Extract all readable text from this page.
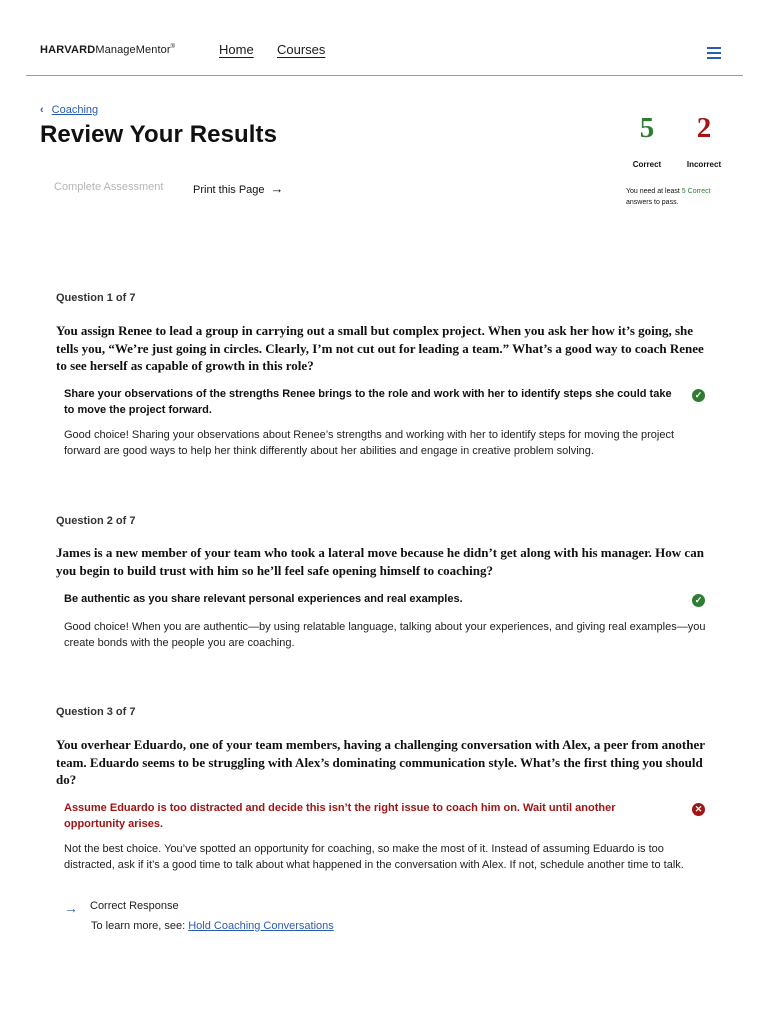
HARVARDManageMentor®	Home Courses
‹ Coaching
Review Your Results
Complete Assessment	Print this Page →
5	2
Correct	Incorrect
You need at least 5 Correct
answers to pass.
Question 1 of 7
You assign Renee to lead a group in carrying out a small but complex project. When you ask her how it’s going, she tells you, “We’re just going in circles. Clearly, I’m not cut out for leading a team.” What’s a good way to coach Renee to see herself as capable of growth in this role?
Share your observations of the strengths Renee brings to the role and work with her to identify steps she could take to move the project forward.
✓
Good choice! Sharing your observations about Renee’s strengths and working with her to identify steps for moving the project forward are good ways to help her think differently about her abilities and engage in creative problem solving.
Question 2 of 7
James is a new member of your team who took a lateral move because he didn’t get along with his manager. How can you begin to build trust with him so he’ll feel safe opening himself to coaching?
Be authentic as you share relevant personal experiences and real examples.	✓
Good choice! When you are authentic—by using relatable language, talking about your experiences, and giving real examples—you create bonds with the people you are coaching.
Question 3 of 7
You overhear Eduardo, one of your team members, having a challenging conversation with Alex, a peer from another team. Eduardo seems to be struggling with Alex’s dominating communication style. What’s the first thing you should do?
Assume Eduardo is too distracted and decide this isn’t the right issue to coach him on. Wait until another opportunity arises.
✕
Not the best choice. You’ve spotted an opportunity for coaching, so make the most of it. Instead of assuming Eduardo is too distracted, ask if it’s a good time to talk about what happened in the conversation with Alex. If not, schedule another time to talk.
→ Correct Response
To learn more, see: Hold Coaching Conversations
